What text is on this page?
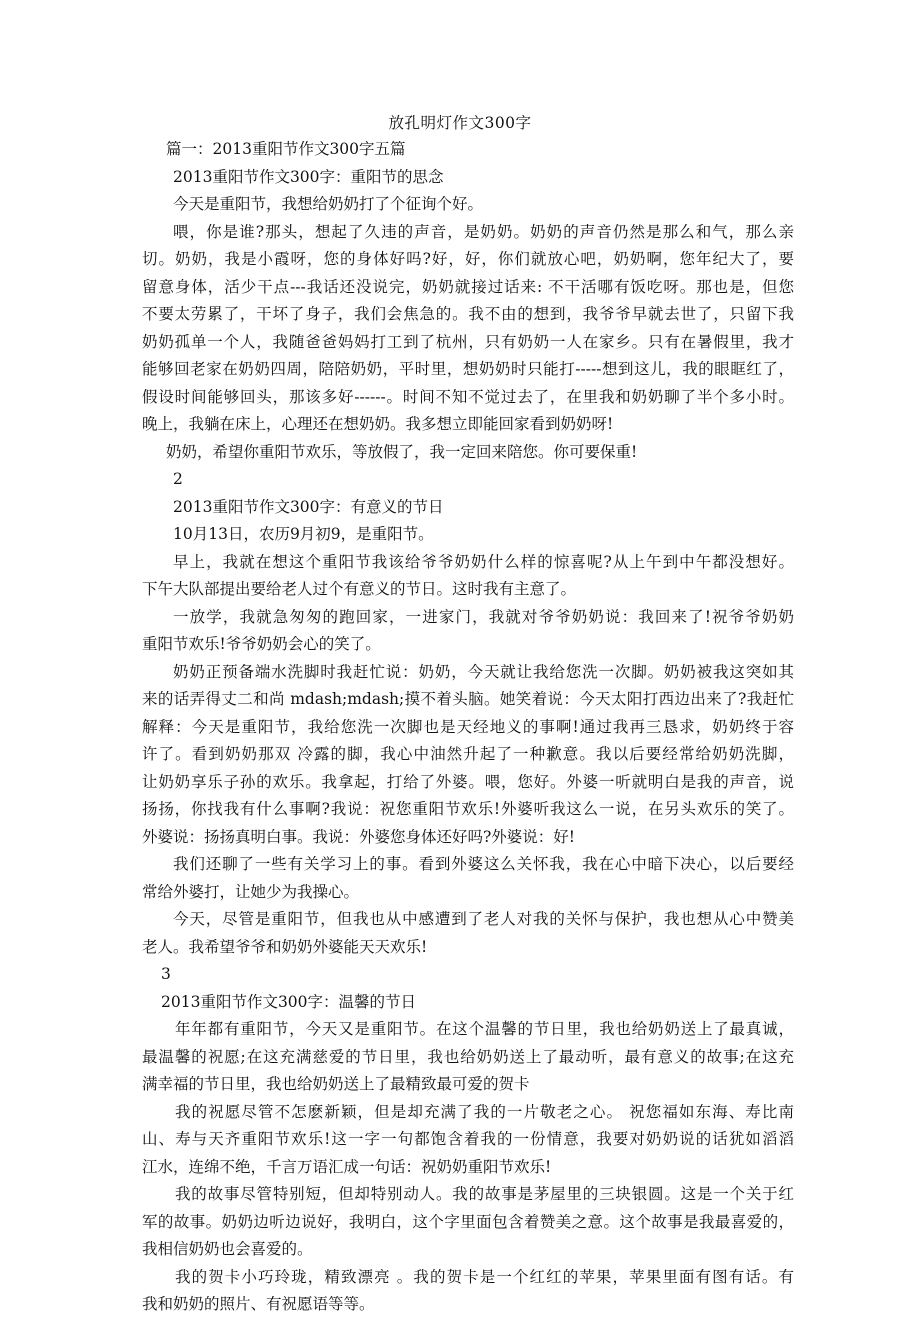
放孔明灯作文300字
篇一：2013重阳节作文300字五篇
2013重阳节作文300字：重阳节的思念
今天是重阳节，我想给奶奶打了个征询个好。
喂，你是谁?那头，想起了久违的声音，是奶奶。奶奶的声音仍然是那么和气，那么亲
切。奶奶，我是小霞呀，您的身体好吗?好，好，你们就放心吧，奶奶啊，您年纪大了，要
留意身体，活少干点---我话还没说完，奶奶就接过话来: 不干活哪有饭吃呀。那也是，但您
不要太劳累了，干坏了身子，我们会焦急的。我不由的想到，我爷爷早就去世了，只留下我
奶奶孤单一个人，我随爸爸妈妈打工到了杭州，只有奶奶一人在家乡。只有在暑假里，我才
能够回老家在奶奶四周，陪陪奶奶，平时里，想奶奶时只能打-----想到这儿，我的眼眶红了，
假设时间能够回头，那该多好------。时间不知不觉过去了，在里我和奶奶聊了半个多小时。
晚上，我躺在床上，心理还在想奶奶。我多想立即能回家看到奶奶呀!
奶奶，希望你重阳节欢乐，等放假了，我一定回来陪您。你可要保重!
2
2013重阳节作文300字：有意义的节日
10月13日，农历9月初9，是重阳节。
早上，我就在想这个重阳节我该给爷爷奶奶什么样的惊喜呢?从上午到中午都没想好。
下午大队部提出要给老人过个有意义的节日。这时我有主意了。
一放学，我就急匆匆的跑回家，一进家门，我就对爷爷奶奶说：我回来了!祝爷爷奶奶
重阳节欢乐!爷爷奶奶会心的笑了。
奶奶正预备端水洗脚时我赶忙说：奶奶，今天就让我给您洗一次脚。奶奶被我这突如其
来的话弄得丈二和尚 mdash;mdash;摸不着头脑。她笑着说：今天太阳打西边出来了?我赶忙
解释：今天是重阳节，我给您洗一次脚也是天经地义的事啊!通过我再三恳求，奶奶终于容
许了。看到奶奶那双 冷露的脚，我心中油然升起了一种歉意。我以后要经常给奶奶洗脚，
让奶奶享乐子孙的欢乐。我拿起，打给了外婆。喂，您好。外婆一听就明白是我的声音，说
扬扬，你找我有什么事啊?我说：祝您重阳节欢乐!外婆听我这么一说，在另头欢乐的笑了。
外婆说：扬扬真明白事。我说：外婆您身体还好吗?外婆说：好!
我们还聊了一些有关学习上的事。看到外婆这么关怀我，我在心中暗下决心，以后要经
常给外婆打，让她少为我操心。
今天，尽管是重阳节，但我也从中感遭到了老人对我的关怀与保护，我也想从心中赞美
老人。我希望爷爷和奶奶外婆能天天欢乐!
3
2013重阳节作文300字：温馨的节日
年年都有重阳节，今天又是重阳节。在这个温馨的节日里，我也给奶奶送上了最真诚，
最温馨的祝愿;在这充满慈爱的节日里，我也给奶奶送上了最动听，最有意义的故事;在这充
满幸福的节日里，我也给奶奶送上了最精致最可爱的贺卡
我的祝愿尽管不怎麽新颖，但是却充满了我的一片敬老之心。 祝您福如东海、寿比南
山、寿与天齐重阳节欢乐!这一字一句都饱含着我的一份情意，我要对奶奶说的话犹如滔滔
江水，连绵不绝，千言万语汇成一句话：祝奶奶重阳节欢乐!
我的故事尽管特别短，但却特别动人。我的故事是茅屋里的三块银圆。这是一个关于红
军的故事。奶奶边听边说好，我明白，这个字里面包含着赞美之意。这个故事是我最喜爱的，
我相信奶奶也会喜爱的。
我的贺卡小巧玲珑，精致漂亮 。我的贺卡是一个红红的苹果，苹果里面有图有话。有
我和奶奶的照片、有祝愿语等等。
